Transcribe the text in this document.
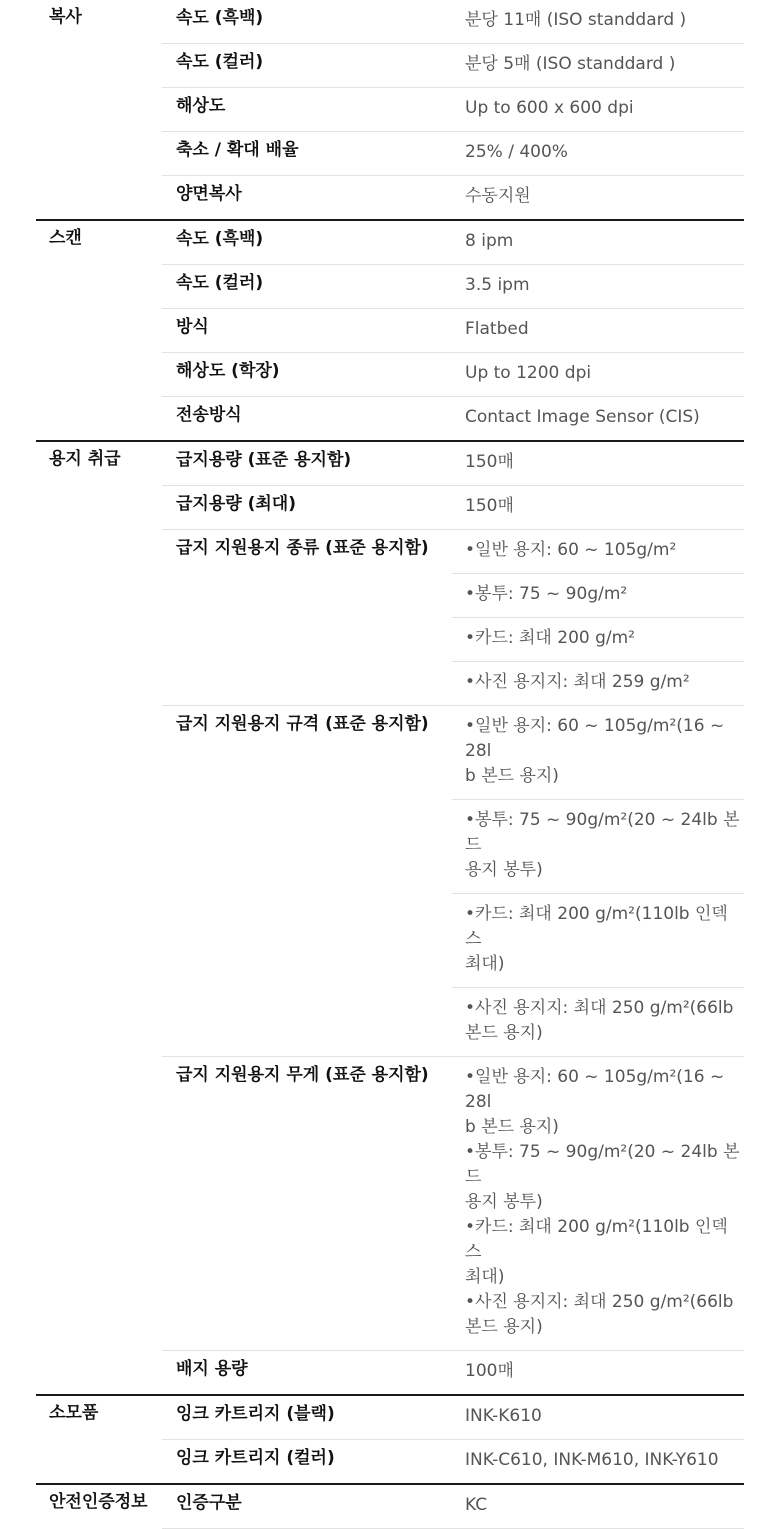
복사	속도 (흑백)	분당 11매 (ISO standdard )
속도 (컬러)	분당 5매 (ISO standdard )
해상도	Up to 600 x 600 dpi
축소 / 확대 배율	25% / 400%
양면복사	수동지원
스캔	속도 (흑백)	8 ipm
속도 (컬러)	3.5 ipm
방식	Flatbed
해상도 (학장)	Up to 1200 dpi
전송방식	Contact Image Sensor (CIS)
용지 취급	급지용량 (표준 용지함)	150매
급지용량 (최대)	150매
급지 지원용지 종류 (표준 용지함)	•일반 용지: 60 ~ 105g/m²
•봉투: 75 ~ 90g/m²
•카드: 최대 200 g/m²
•사진 용지지: 최대 259 g/m²
급지 지원용지 규격 (표준 용지함)	•일반 용지: 60 ~ 105g/m²(16 ~ 28l
b 본드 용지)
•봉투: 75 ~ 90g/m²(20 ~ 24lb 본드
용지 봉투)
•카드: 최대 200 g/m²(110lb 인덱스
최대)
•사진 용지지: 최대 250 g/m²(66lb
본드 용지)
급지 지원용지 무게 (표준 용지함)	•일반 용지: 60 ~ 105g/m²(16 ~ 28l
b 본드 용지)
•봉투: 75 ~ 90g/m²(20 ~ 24lb 본드
용지 봉투)
•카드: 최대 200 g/m²(110lb 인덱스
최대)
•사진 용지지: 최대 250 g/m²(66lb
본드 용지)
배지 용량	100매
소모품	잉크 카트리지 (블랙)	INK-K610
잉크 카트리지 (컬러)	INK-C610, INK-M610, INK-Y610
안전인증정보	인증구분	KC
